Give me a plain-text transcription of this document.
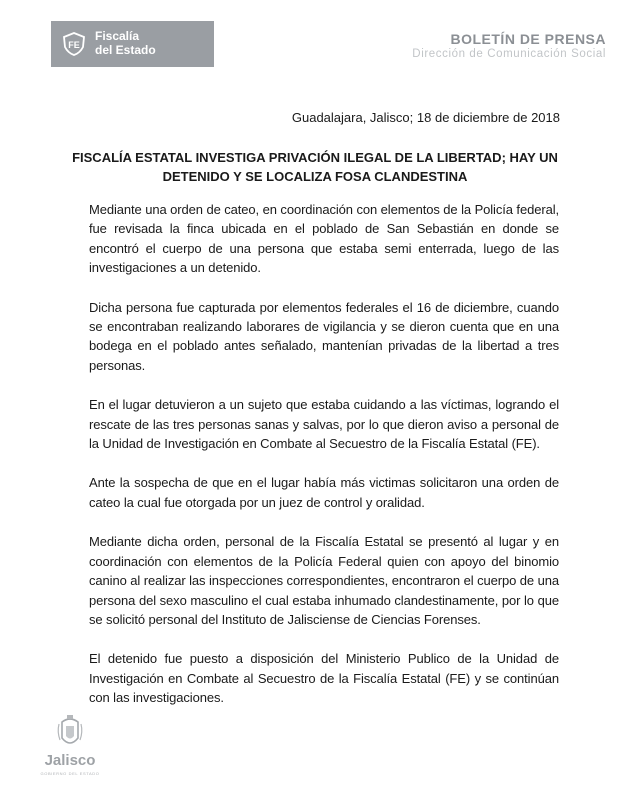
FE
Fiscalía
del Estado
BOLETÍN DE PRENSA
Dirección de Comunicación Social
Guadalajara, Jalisco; 18 de diciembre de 2018
FISCALÍA ESTATAL INVESTIGA PRIVACIÓN ILEGAL DE LA LIBERTAD; HAY UN
DETENIDO Y SE LOCALIZA FOSA CLANDESTINA

Mediante una orden de cateo, en coordinación con elementos de la Policía federal, fue revisada la finca ubicada en el poblado de San Sebastián en donde se encontró el cuerpo de una persona que estaba semi enterrada, luego de las investigaciones a un detenido.

Dicha persona fue capturada por elementos federales el 16 de diciembre, cuando se encontraban realizando laborares de vigilancia y se dieron cuenta que en una bodega en el poblado antes señalado, mantenían privadas de la libertad a tres personas.

En el lugar detuvieron a un sujeto que estaba cuidando a las víctimas, logrando el rescate de las tres personas sanas y salvas, por lo que dieron aviso a personal de la Unidad de Investigación en Combate al Secuestro de la Fiscalía Estatal (FE).

Ante la sospecha de que en el lugar había más victimas solicitaron una orden de cateo la cual fue otorgada por un juez de control y oralidad.

Mediante dicha orden, personal de la Fiscalía Estatal se presentó al lugar y en coordinación con elementos de la Policía Federal quien con apoyo del binomio canino al realizar las inspecciones correspondientes, encontraron el cuerpo de una persona del sexo masculino el cual estaba inhumado clandestinamente, por lo que se solicitó personal del Instituto de Jalisciense de Ciencias Forenses.

El detenido fue puesto a disposición del Ministerio Publico de la Unidad de Investigación en Combate al Secuestro de la Fiscalía Estatal (FE) y se continúan con las investigaciones.

Jalisco
GOBIERNO DEL ESTADO
